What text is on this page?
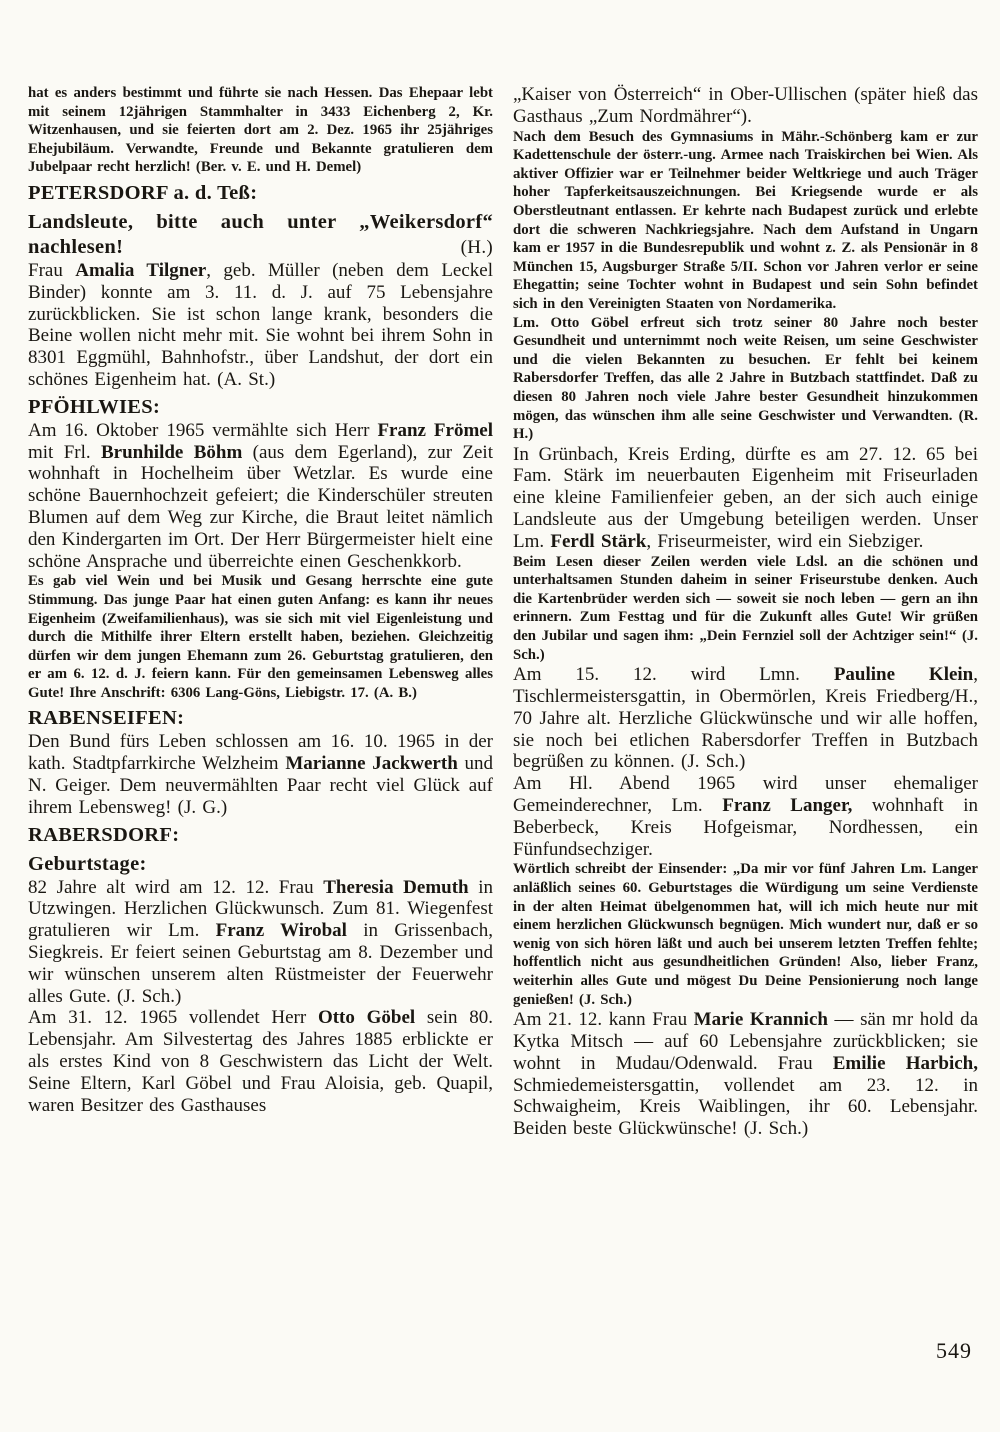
hat es anders bestimmt und führte sie nach Hessen. Das Ehepaar lebt mit seinem 12jährigen Stammhalter in 3433 Eichenberg 2, Kr. Witzenhausen, und sie feierten dort am 2. Dez. 1965 ihr 25jähriges Ehejubiläum. Verwandte, Freunde und Bekannte gratulieren dem Jubelpaar recht herzlich! (Ber. v. E. und H. Demel)

PETERSDORF a. d. Teß:

Landsleute, bitte auch unter „Weikersdorf“ nachlesen!	(H.)

Frau Amalia Tilgner, geb. Müller (neben dem Leckel Binder) konnte am 3. 11. d. J. auf 75 Lebensjahre zurückblicken. Sie ist schon lange krank, besonders die Beine wollen nicht mehr mit. Sie wohnt bei ihrem Sohn in 8301 Eggmühl, Bahnhofstr., über Landshut, der dort ein schönes Eigenheim hat. (A. St.)

PFÖHLWIES:

Am 16. Oktober 1965 vermählte sich Herr Franz Frömel mit Frl. Brunhilde Böhm (aus dem Egerland), zur Zeit wohnhaft in Hochelheim über Wetzlar. Es wurde eine schöne Bauernhochzeit gefeiert; die Kinderschüler streuten Blumen auf dem Weg zur Kirche, die Braut leitet nämlich den Kindergarten im Ort. Der Herr Bürgermeister hielt eine schöne Ansprache und überreichte einen Geschenkkorb.

Es gab viel Wein und bei Musik und Gesang herrschte eine gute Stimmung. Das junge Paar hat einen guten Anfang: es kann ihr neues Eigenheim (Zweifamilienhaus), was sie sich mit viel Eigenleistung und durch die Mithilfe ihrer Eltern erstellt haben, beziehen. Gleichzeitig dürfen wir dem jungen Ehemann zum 26. Geburtstag gratulieren, den er am 6. 12. d. J. feiern kann. Für den gemeinsamen Lebensweg alles Gute! Ihre Anschrift: 6306 Lang-Göns, Liebigstr. 17. (A. B.)

RABENSEIFEN:

Den Bund fürs Leben schlossen am 16. 10. 1965 in der kath. Stadtpfarrkirche Welzheim Marianne Jackwerth und N. Geiger. Dem neuvermählten Paar recht viel Glück auf ihrem Lebensweg! (J. G.)

RABERSDORF:

Geburtstage:

82 Jahre alt wird am 12. 12. Frau Theresia Demuth in Utzwingen. Herzlichen Glückwunsch. Zum 81. Wiegenfest gratulieren wir Lm. Franz Wirobal in Grissenbach, Siegkreis. Er feiert seinen Geburtstag am 8. Dezember und wir wünschen unserem alten Rüstmeister der Feuerwehr alles Gute. (J. Sch.)

Am 31. 12. 1965 vollendet Herr Otto Göbel sein 80. Lebensjahr. Am Silvestertag des Jahres 1885 erblickte er als erstes Kind von 8 Geschwistern das Licht der Welt. Seine Eltern, Karl Göbel und Frau Aloisia, geb. Quapil, waren Besitzer des Gasthauses

„Kaiser von Österreich“ in Ober-Ullischen (später hieß das Gasthaus „Zum Nordmährer“).

Nach dem Besuch des Gymnasiums in Mähr.-Schönberg kam er zur Kadettenschule der österr.-ung. Armee nach Traiskirchen bei Wien. Als aktiver Offizier war er Teilnehmer beider Weltkriege und auch Träger hoher Tapferkeitsauszeichnungen. Bei Kriegsende wurde er als Oberstleutnant entlassen. Er kehrte nach Budapest zurück und erlebte dort die schweren Nachkriegsjahre. Nach dem Aufstand in Ungarn kam er 1957 in die Bundesrepublik und wohnt z. Z. als Pensionär in 8 München 15, Augsburger Straße 5/II. Schon vor Jahren verlor er seine Ehegattin; seine Tochter wohnt in Budapest und sein Sohn befindet sich in den Vereinigten Staaten von Nordamerika.

Lm. Otto Göbel erfreut sich trotz seiner 80 Jahre noch bester Gesundheit und unternimmt noch weite Reisen, um seine Geschwister und die vielen Bekannten zu besuchen. Er fehlt bei keinem Rabersdorfer Treffen, das alle 2 Jahre in Butzbach stattfindet. Daß zu diesen 80 Jahren noch viele Jahre bester Gesundheit hinzukommen mögen, das wünschen ihm alle seine Geschwister und Verwandten. (R. H.)

In Grünbach, Kreis Erding, dürfte es am 27. 12. 65 bei Fam. Stärk im neuerbauten Eigenheim mit Friseurladen eine kleine Familienfeier geben, an der sich auch einige Landsleute aus der Umgebung beteiligen werden. Unser Lm. Ferdl Stärk, Friseurmeister, wird ein Siebziger.

Beim Lesen dieser Zeilen werden viele Ldsl. an die schönen und unterhaltsamen Stunden daheim in seiner Friseurstube denken. Auch die Kartenbrüder werden sich — soweit sie noch leben — gern an ihn erinnern. Zum Festtag und für die Zukunft alles Gute! Wir grüßen den Jubilar und sagen ihm: „Dein Fernziel soll der Achtziger sein!“ (J. Sch.)

Am 15. 12. wird Lmn. Pauline Klein, Tischlermeistersgattin, in Obermörlen, Kreis Friedberg/H., 70 Jahre alt. Herzliche Glückwünsche und wir alle hoffen, sie noch bei etlichen Rabersdorfer Treffen in Butzbach begrüßen zu können. (J. Sch.)

Am Hl. Abend 1965 wird unser ehemaliger Gemeinderechner, Lm. Franz Langer, wohnhaft in Beberbeck, Kreis Hofgeismar, Nordhessen, ein Fünfundsechziger.

Wörtlich schreibt der Einsender: „Da mir vor fünf Jahren Lm. Langer anläßlich seines 60. Geburtstages die Würdigung um seine Verdienste in der alten Heimat übelgenommen hat, will ich mich heute nur mit einem herzlichen Glückwunsch begnügen. Mich wundert nur, daß er so wenig von sich hören läßt und auch bei unserem letzten Treffen fehlte; hoffentlich nicht aus gesundheitlichen Gründen! Also, lieber Franz, weiterhin alles Gute und mögest Du Deine Pensionierung noch lange genießen! (J. Sch.)

Am 21. 12. kann Frau Marie Krannich — sän mr hold da Kytka Mitsch — auf 60 Lebensjahre zurückblicken; sie wohnt in Mudau/Odenwald. Frau Emilie Harbich, Schmiedemeistersgattin, vollendet am 23. 12. in Schwaigheim, Kreis Waiblingen, ihr 60. Lebensjahr. Beiden beste Glückwünsche! (J. Sch.)

549
